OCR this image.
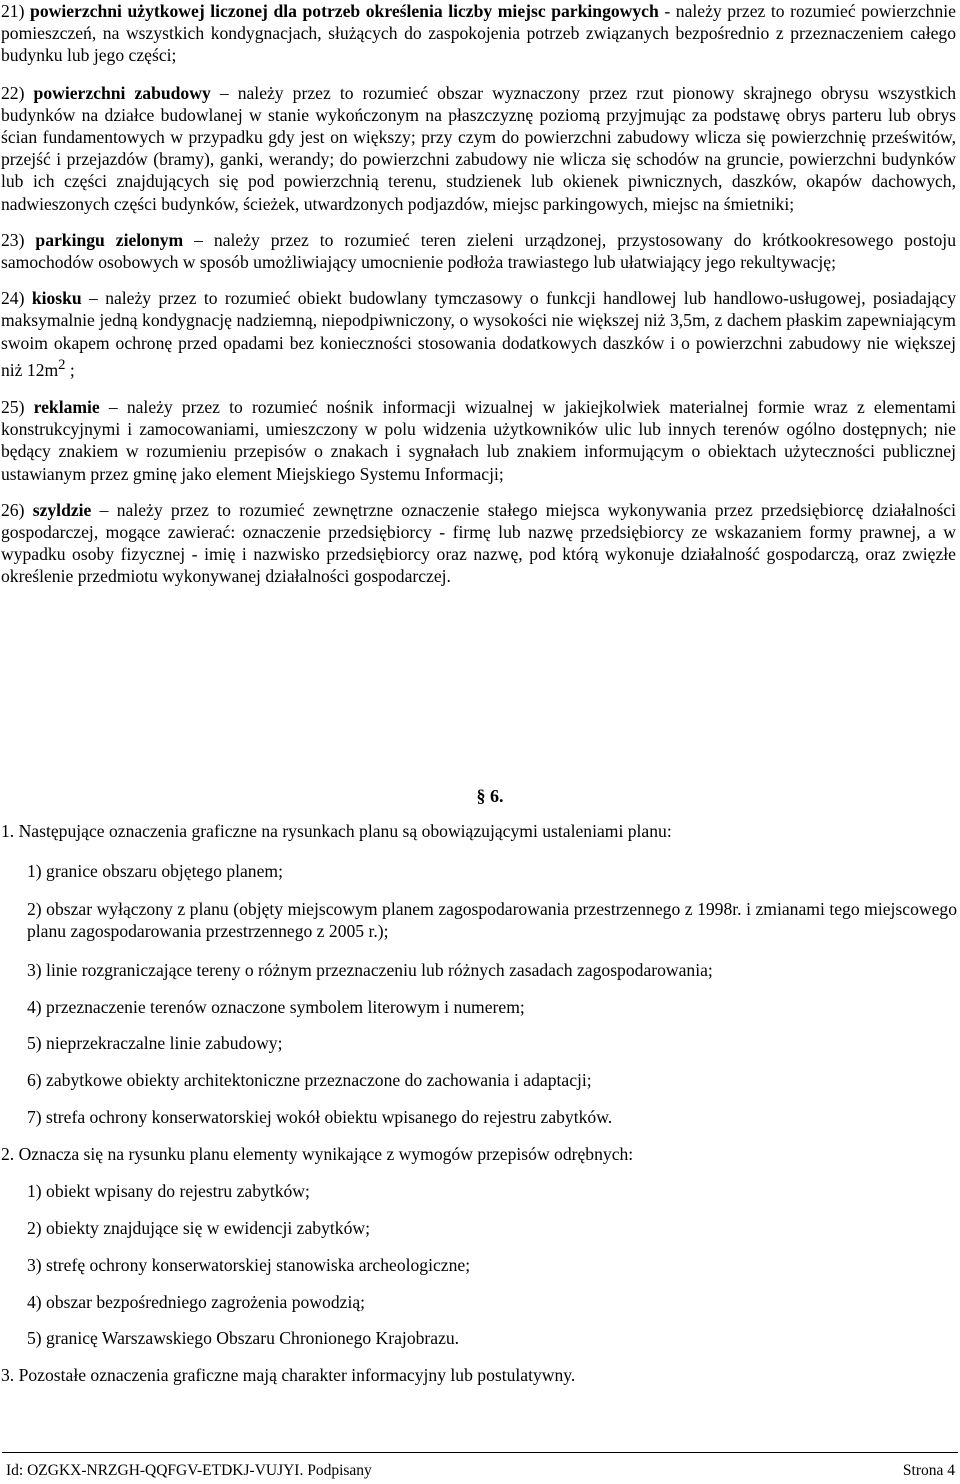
21) powierzchni użytkowej liczonej dla potrzeb określenia liczby miejsc parkingowych - należy przez to rozumieć powierzchnie pomieszczeń, na wszystkich kondygnacjach, służących do zaspokojenia potrzeb związanych bezpośrednio z przeznaczeniem całego budynku lub jego części;

22) powierzchni zabudowy – należy przez to rozumieć obszar wyznaczony przez rzut pionowy skrajnego obrysu wszystkich budynków na działce budowlanej w stanie wykończonym na płaszczyznę poziomą przyjmując za podstawę obrys parteru lub obrys ścian fundamentowych w przypadku gdy jest on większy; przy czym do powierzchni zabudowy wlicza się powierzchnię prześwitów, przejść i przejazdów (bramy), ganki, werandy; do powierzchni zabudowy nie wlicza się schodów na gruncie, powierzchni budynków lub ich części znajdujących się pod powierzchnią terenu, studzienek lub okienek piwnicznych, daszków, okapów dachowych, nadwieszonych części budynków, ścieżek, utwardzonych podjazdów, miejsc parkingowych, miejsc na śmietniki;

23) parkingu zielonym – należy przez to rozumieć teren zieleni urządzonej, przystosowany do krótkookresowego postoju samochodów osobowych w sposób umożliwiający umocnienie podłoża trawiastego lub ułatwiający jego rekultywację;

24) kiosku – należy przez to rozumieć obiekt budowlany tymczasowy o funkcji handlowej lub handlowo-usługowej, posiadający maksymalnie jedną kondygnację nadziemną, niepodpiwniczony, o wysokości nie większej niż 3,5m, z dachem płaskim zapewniającym swoim okapem ochronę przed opadami bez konieczności stosowania dodatkowych daszków i o powierzchni zabudowy nie większej niż $12m^2$ ;

25) reklamie – należy przez to rozumieć nośnik informacji wizualnej w jakiejkolwiek materialnej formie wraz z elementami konstrukcyjnymi i zamocowaniami, umieszczony w polu widzenia użytkowników ulic lub innych terenów ogólno dostępnych; nie będący znakiem w rozumieniu przepisów o znakach i sygnałach lub znakiem informującym o obiektach użyteczności publicznej ustawianym przez gminę jako element Miejskiego Systemu Informacji;

26) szyldzie – należy przez to rozumieć zewnętrzne oznaczenie stałego miejsca wykonywania przez przedsiębiorcę działalności gospodarczej, mogące zawierać: oznaczenie przedsiębiorcy - firmę lub nazwę przedsiębiorcy ze wskazaniem formy prawnej, a w wypadku osoby fizycznej - imię i nazwisko przedsiębiorcy oraz nazwę, pod którą wykonuje działalność gospodarczą, oraz zwięzłe określenie przedmiotu wykonywanej działalności gospodarczej.

§ 6.
1. Następujące oznaczenia graficzne na rysunkach planu są obowiązującymi ustaleniami planu:
1) granice obszaru objętego planem;
2) obszar wyłączony z planu (objęty miejscowym planem zagospodarowania przestrzennego z 1998r. i zmianami tego miejscowego planu zagospodarowania przestrzennego z 2005 r.);
3) linie rozgraniczające tereny o różnym przeznaczeniu lub różnych zasadach zagospodarowania;
4) przeznaczenie terenów oznaczone symbolem literowym i numerem;
5) nieprzekraczalne linie zabudowy;
6) zabytkowe obiekty architektoniczne przeznaczone do zachowania i adaptacji;
7) strefa ochrony konserwatorskiej wokół obiektu wpisanego do rejestru zabytków.
2. Oznacza się na rysunku planu elementy wynikające z wymogów przepisów odrębnych:
1) obiekt wpisany do rejestru zabytków;
2) obiekty znajdujące się w ewidencji zabytków;
3) strefę ochrony konserwatorskiej stanowiska archeologiczne;
4) obszar bezpośredniego zagrożenia powodzią;
5) granicę Warszawskiego Obszaru Chronionego Krajobrazu.
3. Pozostałe oznaczenia graficzne mają charakter informacyjny lub postulatywny.
Id: OZGKX-NRZGH-QQFGV-ETDKJ-VUJYI. Podpisany	Strona 4
